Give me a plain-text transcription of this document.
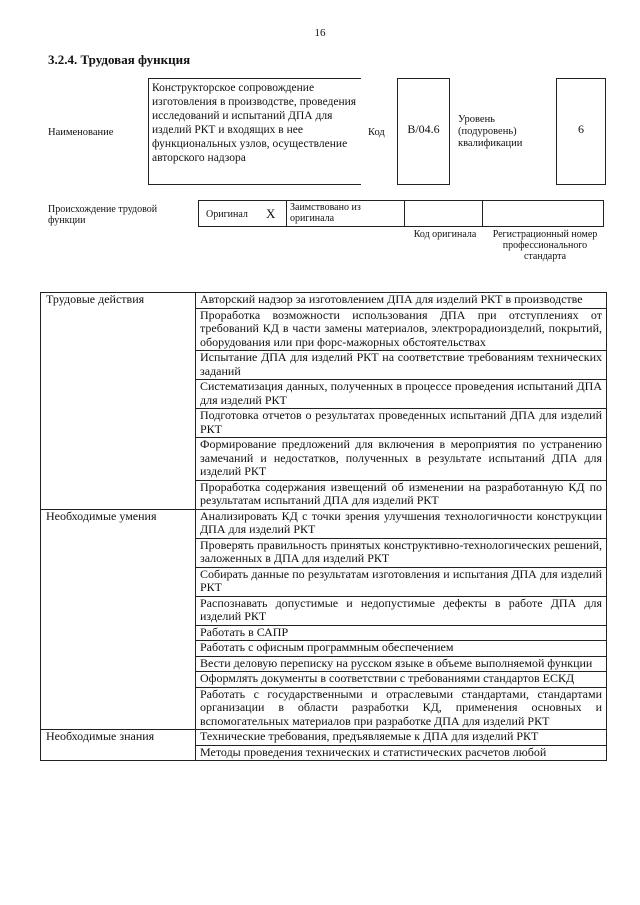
16
3.2.4. Трудовая функция
Наименование
Конструкторское сопровождение изготовления в производстве, проведения исследований и испытаний ДПА для изделий РКТ и входящих в нее функциональных узлов, осуществление авторского надзора
Код	B/04.6
Уровень (подуровень) квалификации
6
Происхождение трудовой функции
Оригинал X Заимствовано из оригинала
Код оригинала	Регистрационный номер профессионального стандарта
Трудовые действия	Авторский надзор за изготовлением ДПА для изделий РКТ в производстве
	Проработка возможности использования ДПА при отступлениях от требований КД в части замены материалов, электрорадиоизделий, покрытий, оборудования или при форс-мажорных обстоятельствах
	Испытание ДПА для изделий РКТ на соответствие требованиям технических заданий
	Систематизация данных, полученных в процессе проведения испытаний ДПА для изделий РКТ
	Подготовка отчетов о результатах проведенных испытаний ДПА для изделий РКТ
	Формирование предложений для включения в мероприятия по устранению замечаний и недостатков, полученных в результате испытаний ДПА для изделий РКТ
	Проработка содержания извещений об изменении на разработанную КД по результатам испытаний ДПА для изделий РКТ
Необходимые умения	Анализировать КД с точки зрения улучшения технологичности конструкции ДПА для изделий РКТ
	Проверять правильность принятых конструктивно-технологических решений, заложенных в ДПА для изделий РКТ
	Собирать данные по результатам изготовления и испытания ДПА для изделий РКТ
	Распознавать допустимые и недопустимые дефекты в работе ДПА для изделий РКТ
	Работать в САПР
	Работать с офисным программным обеспечением
	Вести деловую переписку на русском языке в объеме выполняемой функции
	Оформлять документы в соответствии с требованиями стандартов ЕСКД
	Работать с государственными и отраслевыми стандартами, стандартами организации в области разработки КД, применения основных и вспомогательных материалов при разработке ДПА для изделий РКТ
Необходимые знания	Технические требования, предъявляемые к ДПА для изделий РКТ
	Методы проведения технических и статистических расчетов любой
